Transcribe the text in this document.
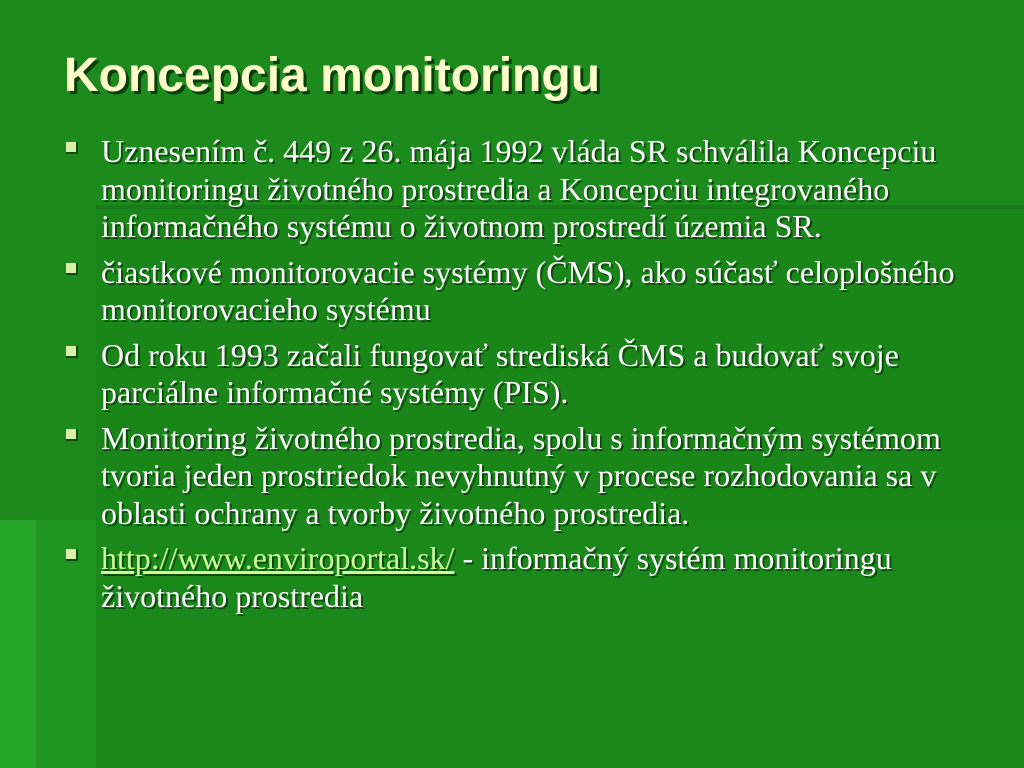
Koncepcia monitoringu
Uznesením č. 449 z 26. mája 1992 vláda SR schválila Koncepciu monitoringu životného prostredia a Koncepciu integrovaného informačného systému o životnom prostredí územia SR.
čiastkové monitorovacie systémy (ČMS), ako súčasť celoplošného monitorovacieho systému
Od roku 1993 začali fungovať strediská ČMS a budovať svoje parciálne informačné systémy (PIS).
Monitoring životného prostredia, spolu s informačným systémom tvoria jeden prostriedok nevyhnutný v procese rozhodovania sa v oblasti ochrany a tvorby životného prostredia.
http://www.enviroportal.sk/ - informačný systém monitoringu životného prostredia
